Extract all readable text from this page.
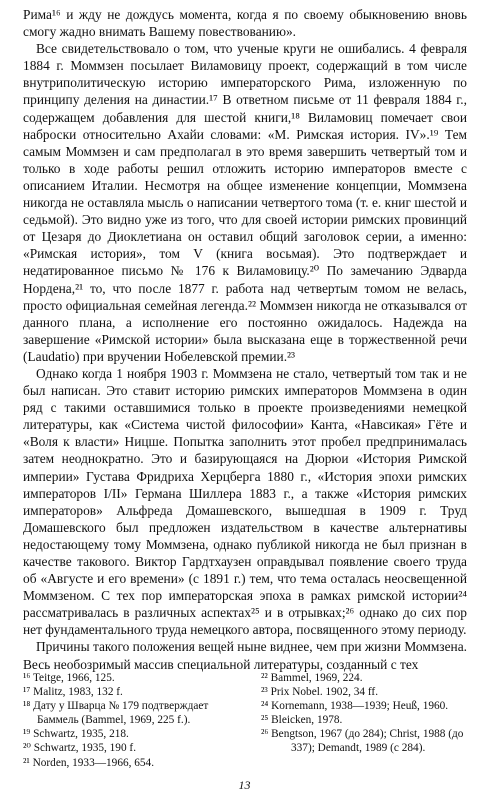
Рима¹⁶ и жду не дождусь момента, когда я по своему обыкновению вновь смогу жадно внимать Вашему повествованию».

Все свидетельствовало о том, что ученые круги не ошибались. 4 февраля 1884 г. Моммзен посылает Виламовицу проект, содержащий в том числе внутриполитическую историю императорского Рима, изложенную по принципу деления на династии.¹⁷ В ответном письме от 11 февраля 1884 г., содержащем добавления для шестой книги,¹⁸ Виламовиц помечает свои наброски относительно Ахайи словами: «M. Римская история. IV».¹⁹ Тем самым Моммзен и сам предполагал в это время завершить четвертый том и только в ходе работы решил отложить историю императоров вместе с описанием Италии. Несмотря на общее изменение концепции, Моммзена никогда не оставляла мысль о написании четвертого тома (т. е. книг шестой и седьмой). Это видно уже из того, что для своей истории римских провинций от Цезаря до Диоклетиана он оставил общий заголовок серии, а именно: «Римская история», том V (книга восьмая). Это подтверждает и недатированное письмо № 176 к Виламовицу.²⁰ По замечанию Эдварда Нордена,²¹ то, что после 1877 г. работа над четвертым томом не велась, просто официальная семейная легенда.²² Моммзен никогда не отказывался от данного плана, а исполнение его постоянно ожидалось. Надежда на завершение «Римской истории» была высказана еще в торжественной речи (Laudatio) при вручении Нобелевской премии.²³

Однако когда 1 ноября 1903 г. Моммзена не стало, четвертый том так и не был написан. Это ставит историю римских императоров Моммзена в один ряд с такими оставшимися только в проекте произведениями немецкой литературы, как «Система чистой философии» Канта, «Навсикая» Гёте и «Воля к власти» Ницше. Попытка заполнить этот пробел предпринималась затем неоднократно. Это и базирующаяся на Дюрюи «История Римской империи» Густава Фридриха Херцберга 1880 г., «История эпохи римских императоров I/II» Германа Шиллера 1883 г., а также «История римских императоров» Альфреда Домашевского, вышедшая в 1909 г. Труд Домашевского был предложен издательством в качестве альтернативы недостающему тому Моммзена, однако публикой никогда не был признан в качестве такового. Виктор Гардтхаузен оправдывал появление своего труда об «Августе и его времени» (с 1891 г.) тем, что тема осталась неосвещенной Моммзеном. С тех пор императорская эпоха в рамках римской истории²⁴ рассматривалась в различных аспектах²⁵ и в отрывках;²⁶ однако до сих пор нет фундаментального труда немецкого автора, посвященного этому периоду.

Причины такого положения вещей ныне виднее, чем при жизни Моммзена. Весь необозримый массив специальной литературы, созданный с тех

¹⁶ Teitge, 1966, 125.
¹⁷ Malitz, 1983, 132 f.
¹⁸ Дату у Шварца № 179 подтверждает Баммель (Bammel, 1969, 225 f.).
¹⁹ Schwartz, 1935, 218.
²⁰ Schwartz, 1935, 190 f.
²¹ Norden, 1933—1966, 654.
²² Bammel, 1969, 224.
²³ Prix Nobel. 1902, 34 ff.
²⁴ Kornemann, 1938—1939; Heuß, 1960.
²⁵ Bleicken, 1978.
²⁶ Bengtson, 1967 (до 284); Christ, 1988 (до 337); Demandt, 1989 (с 284).
13
